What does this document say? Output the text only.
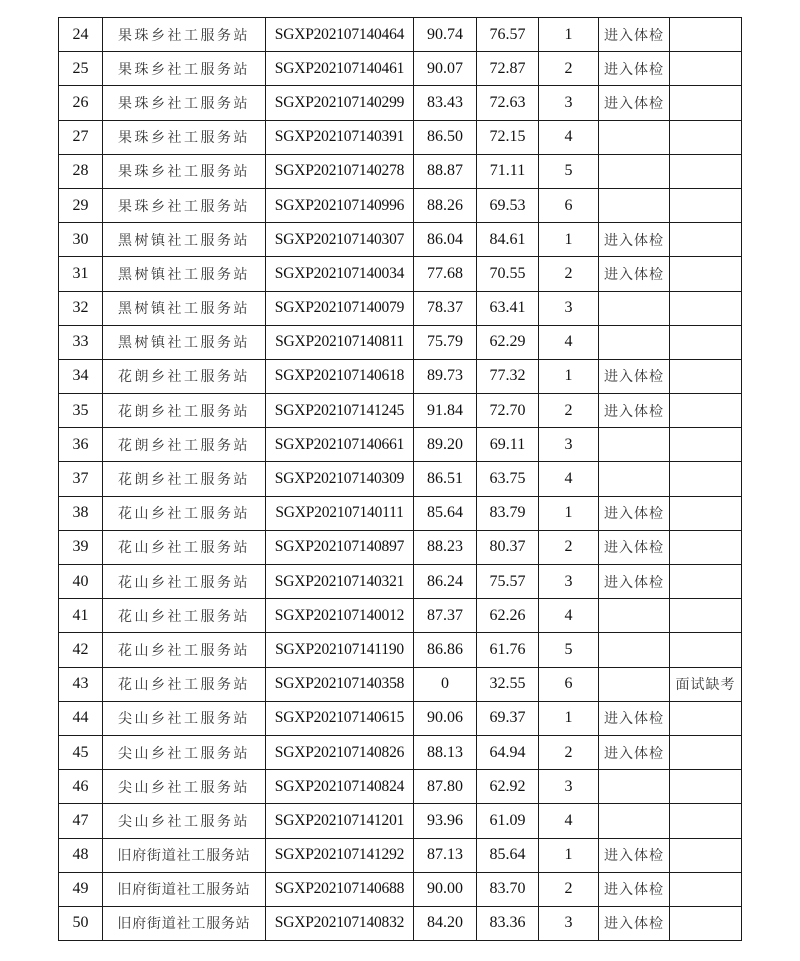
24	果珠乡社工服务站	SGXP202107140464	90.74	76.57	1	进入体检	
25	果珠乡社工服务站	SGXP202107140461	90.07	72.87	2	进入体检	
26	果珠乡社工服务站	SGXP202107140299	83.43	72.63	3	进入体检	
27	果珠乡社工服务站	SGXP202107140391	86.50	72.15	4		
28	果珠乡社工服务站	SGXP202107140278	88.87	71.11	5		
29	果珠乡社工服务站	SGXP202107140996	88.26	69.53	6		
30	黑树镇社工服务站	SGXP202107140307	86.04	84.61	1	进入体检	
31	黑树镇社工服务站	SGXP202107140034	77.68	70.55	2	进入体检	
32	黑树镇社工服务站	SGXP202107140079	78.37	63.41	3		
33	黑树镇社工服务站	SGXP202107140811	75.79	62.29	4		
34	花朗乡社工服务站	SGXP202107140618	89.73	77.32	1	进入体检	
35	花朗乡社工服务站	SGXP202107141245	91.84	72.70	2	进入体检	
36	花朗乡社工服务站	SGXP202107140661	89.20	69.11	3		
37	花朗乡社工服务站	SGXP202107140309	86.51	63.75	4		
38	花山乡社工服务站	SGXP202107140111	85.64	83.79	1	进入体检	
39	花山乡社工服务站	SGXP202107140897	88.23	80.37	2	进入体检	
40	花山乡社工服务站	SGXP202107140321	86.24	75.57	3	进入体检	
41	花山乡社工服务站	SGXP202107140012	87.37	62.26	4		
42	花山乡社工服务站	SGXP202107141190	86.86	61.76	5		
43	花山乡社工服务站	SGXP202107140358	0	32.55	6		面试缺考
44	尖山乡社工服务站	SGXP202107140615	90.06	69.37	1	进入体检	
45	尖山乡社工服务站	SGXP202107140826	88.13	64.94	2	进入体检	
46	尖山乡社工服务站	SGXP202107140824	87.80	62.92	3		
47	尖山乡社工服务站	SGXP202107141201	93.96	61.09	4		
48	旧府街道社工服务站	SGXP202107141292	87.13	85.64	1	进入体检	
49	旧府街道社工服务站	SGXP202107140688	90.00	83.70	2	进入体检	
50	旧府街道社工服务站	SGXP202107140832	84.20	83.36	3	进入体检	
